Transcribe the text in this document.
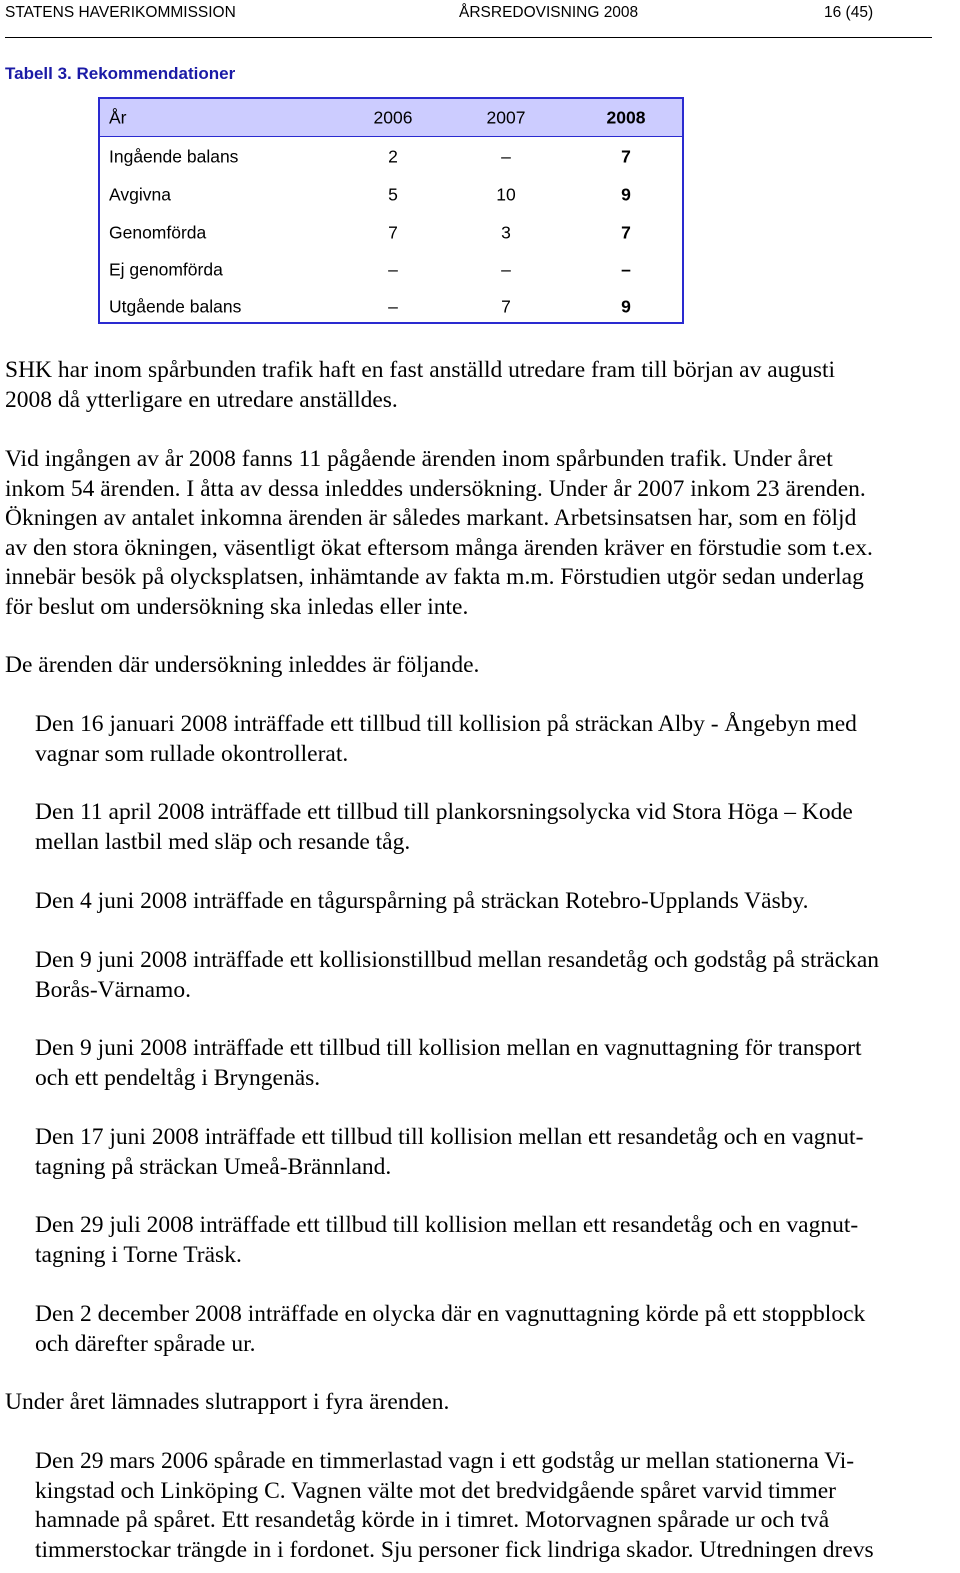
STATENS HAVERIKOMMISSION	ÅRSREDOVISNING 2008	16 (45)
Tabell 3. Rekommendationer
År	2006	2007	2008
Ingående balans	2	–	7
Avgivna	5	10	9
Genomförda	7	3	7
Ej genomförda	–	–	–
Utgående balans	–	7	9
SHK har inom spårbunden trafik haft en fast anställd utredare fram till början av augusti
2008 då ytterligare en utredare anställdes.
Vid ingången av år 2008 fanns 11 pågående ärenden inom spårbunden trafik. Under året
inkom 54 ärenden. I åtta av dessa inleddes undersökning. Under år 2007 inkom 23 ärenden.
Ökningen av antalet inkomna ärenden är således markant. Arbetsinsatsen har, som en följd
av den stora ökningen, väsentligt ökat eftersom många ärenden kräver en förstudie som t.ex.
innebär besök på olycksplatsen, inhämtande av fakta m.m. Förstudien utgör sedan underlag
för beslut om undersökning ska inledas eller inte.
De ärenden där undersökning inleddes är följande.
Den 16 januari 2008 inträffade ett tillbud till kollision på sträckan Alby - Ångebyn med
vagnar som rullade okontrollerat.
Den 11 april 2008 inträffade ett tillbud till plankorsningsolycka vid Stora Höga – Kode
mellan lastbil med släp och resande tåg.
Den 4 juni 2008 inträffade en tågurspårning på sträckan Rotebro-Upplands Väsby.
Den 9 juni 2008 inträffade ett kollisionstillbud mellan resandetåg och godståg på sträckan
Borås-Värnamo.
Den 9 juni 2008 inträffade ett tillbud till kollision mellan en vagnuttagning för transport
och ett pendeltåg i Bryngenäs.
Den 17 juni 2008 inträffade ett tillbud till kollision mellan ett resandetåg och en vagnut-
tagning på sträckan Umeå-Brännland.
Den 29 juli 2008 inträffade ett tillbud till kollision mellan ett resandetåg och en vagnut-
tagning i Torne Träsk.
Den 2 december 2008 inträffade en olycka där en vagnuttagning körde på ett stoppblock
och därefter spårade ur.
Under året lämnades slutrapport i fyra ärenden.
Den 29 mars 2006 spårade en timmerlastad vagn i ett godståg ur mellan stationerna Vi-
kingstad och Linköping C. Vagnen välte mot det bredvidgående spåret varvid timmer
hamnade på spåret. Ett resandetåg körde in i timret. Motorvagnen spårade ur och två
timmerstockar trängde in i fordonet. Sju personer fick lindriga skador. Utredningen drevs
